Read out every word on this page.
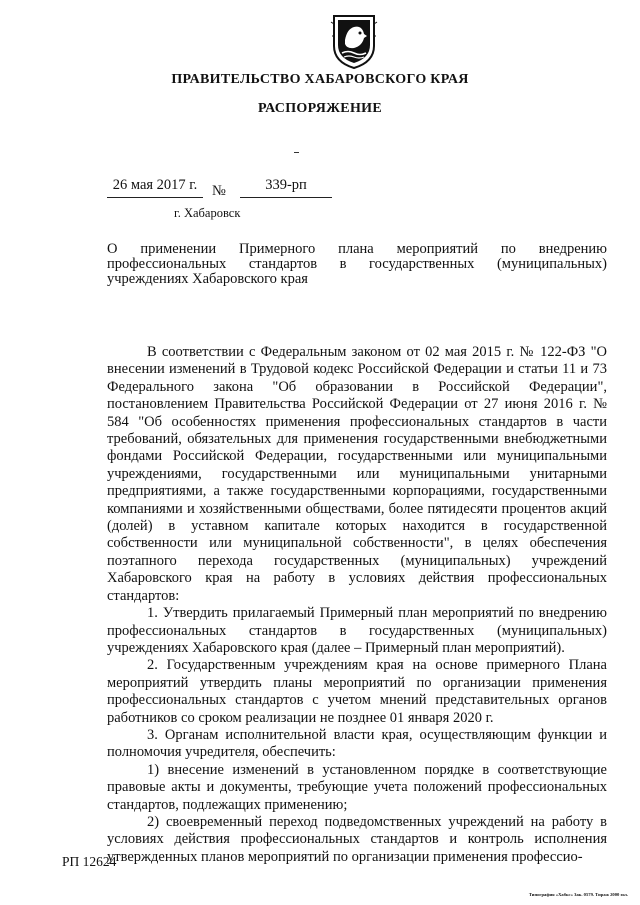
ПРАВИТЕЛЬСТВО ХАБАРОВСКОГО КРАЯ
РАСПОРЯЖЕНИЕ
26 мая 2017 г.	№	339-рп
г. Хабаровск
О применении Примерного плана мероприятий по внедрению профессиональных стандартов в государственных (муниципальных) учреждениях Хабаровского края

В соответствии с Федеральным законом от 02 мая 2015 г. № 122-ФЗ "О внесении изменений в Трудовой кодекс Российской Федерации и статьи 11 и 73 Федерального закона "Об образовании в Российской Федерации", постановлением Правительства Российской Федерации от 27 июня 2016 г. № 584 "Об особенностях применения профессиональных стандартов в части требований, обязательных для применения государственными внебюджетными фондами Российской Федерации, государственными или муниципальными учреждениями, государственными или муниципальными унитарными предприятиями, а также государственными корпорациями, государственными компаниями и хозяйственными обществами, более пятидесяти процентов акций (долей) в уставном капитале которых находится в государственной собственности или муниципальной собственности", в целях обеспечения поэтапного перехода государственных (муниципальных) учреждений Хабаровского края на работу в условиях действия профессиональных стандартов:

1. Утвердить прилагаемый Примерный план мероприятий по внедрению профессиональных стандартов в государственных (муниципальных) учреждениях Хабаровского края (далее – Примерный план мероприятий).

2. Государственным учреждениям края на основе примерного Плана мероприятий утвердить планы мероприятий по организации применения профессиональных стандартов с учетом мнений представительных органов работников со сроком реализации не позднее 01 января 2020 г.

3. Органам исполнительной власти края, осуществляющим функции и полномочия учредителя, обеспечить:

1) внесение изменений в установленном порядке в соответствующие правовые акты и документы, требующие учета положений профессиональных стандартов, подлежащих применению;

2) своевременный переход подведомственных учреждений на работу в условиях действия профессиональных стандартов и контроль исполнения утвержденных планов мероприятий по организации применения профессио-

РП 12624
Типография «Хабкс» Зак. 0579. Тираж 2000 экз.
